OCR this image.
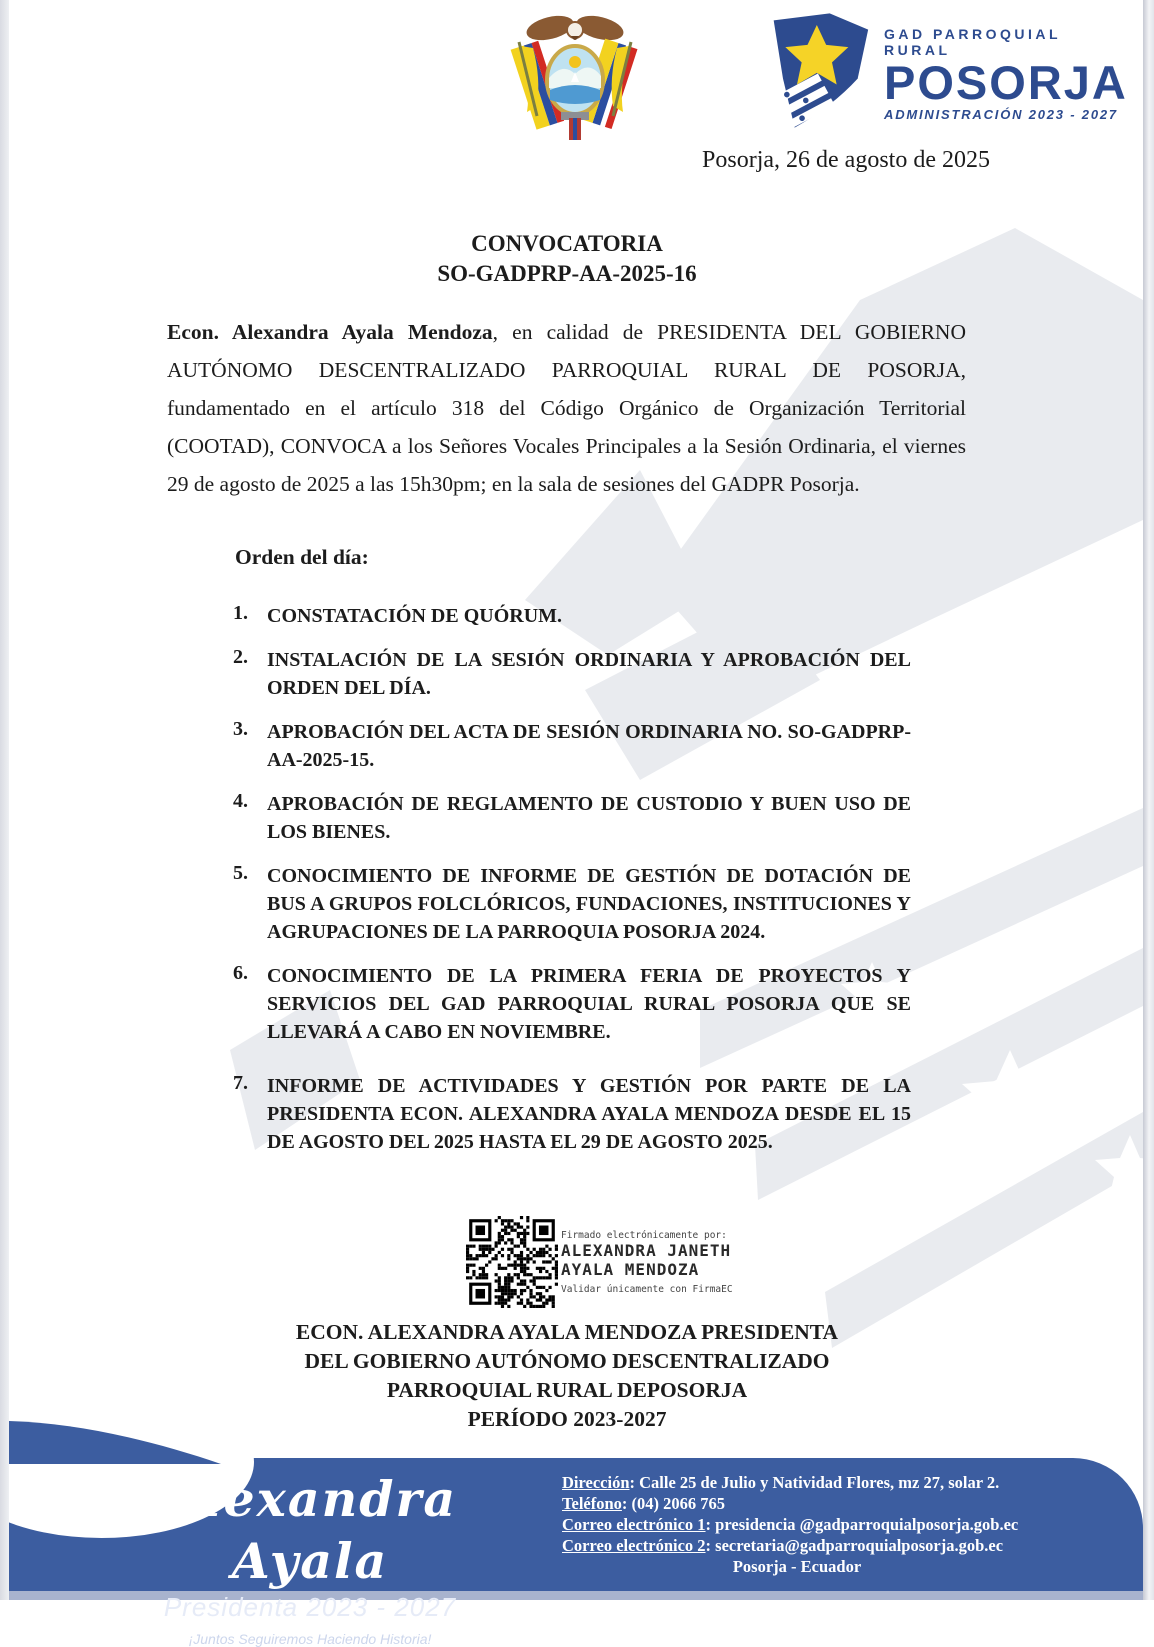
GAD PARROQUIAL RURAL
POSORJA
ADMINISTRACIÓN 2023 - 2027
Posorja, 26 de agosto de 2025
CONVOCATORIA
SO-GADPRP-AA-2025-16
Econ. Alexandra Ayala Mendoza, en calidad de PRESIDENTA DEL GOBIERNO AUTÓNOMO DESCENTRALIZADO PARROQUIAL RURAL DE POSORJA, fundamentado en el artículo 318 del Código Orgánico de Organización Territorial (COOTAD), CONVOCA a los Señores Vocales Principales a la Sesión Ordinaria, el viernes 29 de agosto de 2025 a las 15h30pm; en la sala de sesiones del GADPR Posorja.
Orden del día:
1. CONSTATACIÓN DE QUÓRUM.
2. INSTALACIÓN DE LA SESIÓN ORDINARIA Y APROBACIÓN DEL ORDEN DEL DÍA.
3. APROBACIÓN DEL ACTA DE SESIÓN ORDINARIA NO. SO-GADPRP-AA-2025-15.
4. APROBACIÓN DE REGLAMENTO DE CUSTODIO Y BUEN USO DE LOS BIENES.
5. CONOCIMIENTO DE INFORME DE GESTIÓN DE DOTACIÓN DE BUS A GRUPOS FOLCLÓRICOS, FUNDACIONES, INSTITUCIONES Y AGRUPACIONES DE LA PARROQUIA POSORJA 2024.
6. CONOCIMIENTO DE LA PRIMERA FERIA DE PROYECTOS Y SERVICIOS DEL GAD PARROQUIAL RURAL POSORJA QUE SE LLEVARÁ A CABO EN NOVIEMBRE.
7. INFORME DE ACTIVIDADES Y GESTIÓN POR PARTE DE LA PRESIDENTA ECON. ALEXANDRA AYALA MENDOZA DESDE EL 15 DE AGOSTO DEL 2025 HASTA EL 29 DE AGOSTO 2025.
Firmado electrónicamente por:
ALEXANDRA JANETH
AYALA MENDOZA
Validar únicamente con FirmaEC
ECON. ALEXANDRA AYALA MENDOZA PRESIDENTA
DEL GOBIERNO AUTÓNOMO DESCENTRALIZADO
PARROQUIAL RURAL DEPOSORJA
PERÍODO 2023-2027
Alexandra Ayala
Presidenta 2023 - 2027
¡Juntos Seguiremos Haciendo Historia!
Dirección: Calle 25 de Julio y Natividad Flores, mz 27, solar 2.
Teléfono: (04) 2066 765
Correo electrónico 1: presidencia @gadparroquialposorja.gob.ec
Correo electrónico 2: secretaria@gadparroquialposorja.gob.ec
Posorja - Ecuador
